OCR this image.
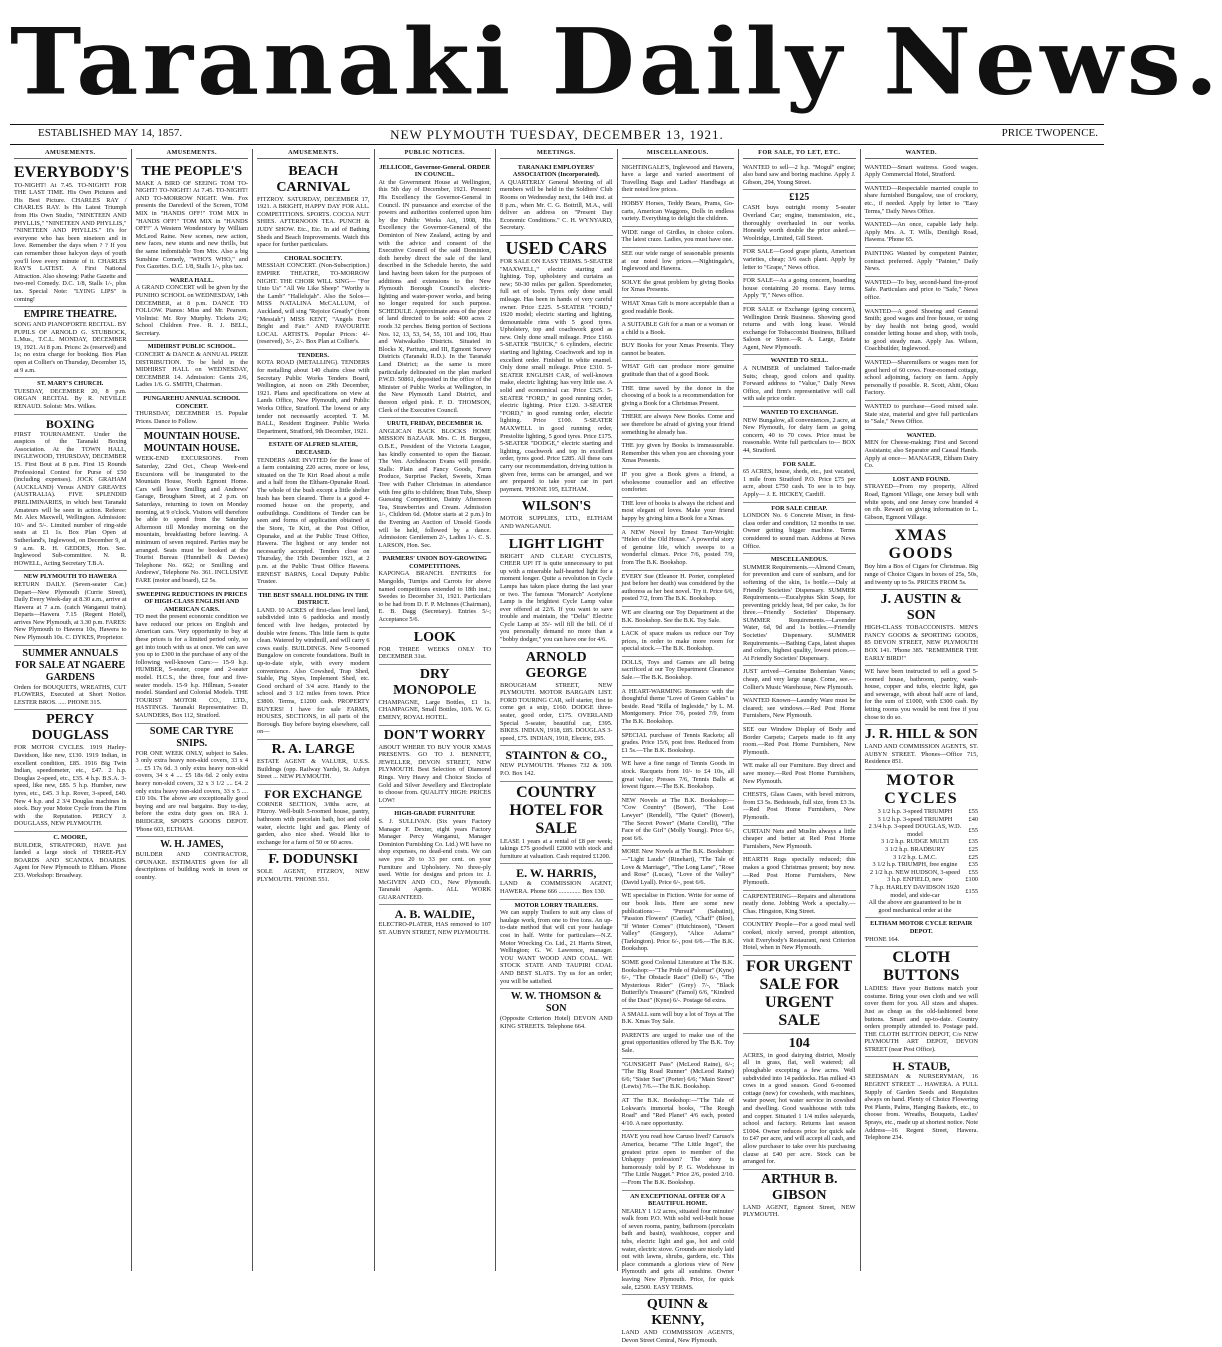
Taranaki Daily News.
ESTABLISHED MAY 14, 1857.	NEW PLYMOUTH TUESDAY, DECEMBER 13, 1921.	PRICE TWOPENCE.
AMUSEMENTS.
EVERYBODY'S
TO-NIGHT! At 7.45. TO-NIGHT! FOR THE LAST TIME. His Own Pictures and His Best Picture. CHARLES RAY / CHARLES RAY. Is His Latest Triumph from His Own Studio, "NINETEEN AND PHYLLIS," "NINETEEN AND PHYLLIS," "NINETEEN AND PHYLLIS." It's for everyone who has been nineteen and in love. Remember the days when ? ? If you can remember those halcyon days of youth you'll love every minute of it. CHARLES RAY'S LATEST. A First National Attraction. Also showing: Pathe Gazette and two-reel Comedy. D.C. 1/8, Stalls 1/-, plus tax. Special Note: "LYING LIPS" is coming!
EMPIRE THEATRE.
SONG AND PIANOFORTE RECITAL. BY PUPILS OF ARNOLD G. STUBBOCK, L.Mus., T.C.L. MONDAY, DECEMBER 19, 1921. At 8 p.m. Prices: 2s (reserved) and 1s; no extra charge for booking. Box Plan open at Collier's on Thursday, December 15, at 9 a.m.
ST. MARY'S CHURCH.
TUESDAY, DECEMBER 20, 8 p.m. ORGAN RECITAL By R. NEVILLE RENAUD. Soloist: Mrs. Wilkes.
BOXING
FIRST TOURNAMENT. Under the auspices of the Taranaki Boxing Association. At the TOWN HALL, INGLEWOOD, THURSDAY, DECEMBER 15. First Bout at 8 p.m. First 15 Rounds Professional Contest for Purse of £50 (including expenses). JOCK GRAHAM (AUCKLAND) Versus ANDY GREAVES (AUSTRALIA). FIVE SPLENDID PRELIMINARIES, in which best Taranaki Amateurs will be seen in action. Referee: Mr. Alex Maxwell, Wellington. Admission: 10/- and 5/-. Limited number of ring-side seats at £1 1s. Box Plan Open at Sutherland's, Inglewood, on December 9, at 9 a.m. R. H. GEDDES, Hon. Sec. Inglewood Sub-committee. N. R. HOWELL, Acting Secretary T.B.A.
NEW PLYMOUTH TO HAWERA
RETURN DAILY. (Seven-seater Car.) Depart—New Plymouth (Currie Street), Daily Every Week-day at 8.30 a.m., arrive at Hawera at 7 a.m. (catch Wanganui train). Departs—Hawera 7.15 (Regent Hotel), arrives New Plymouth, at 3.30 p.m. FARES: New Plymouth to Hawera 10s, Hawera to New Plymouth 10s. C. DYKES, Proprietor.
SUMMER ANNUALS FOR SALE AT NGAERE GARDENS
Orders for BOUQUETS, WREATHS, CUT FLOWERS, Executed at Short Notice. LESTER BROS. ..... PHONE 315.
PERCY DOUGLASS
FOR MOTOR CYCLES. 1919 Harley-Davidson, like new, £130. 1919 Indian, in excellent condition, £85. 1916 Big Twin Indian, speedometer, etc., £47. 2 h.p. Douglas 2-speed, etc., £35. 4 h.p. B.S.A. 3-speed, like new, £85. 5 h.p. Humber, new tyres, etc., £45. 3 h.p. Rover, 3-speed, £40. New 4 h.p. and 2 3/4 Douglas machines in stock. Buy your Motor Cycle from the Firm with the Reputation. PERCY J. DOUGLASS, NEW PLYMOUTH.
C. MOORE,
BUILDER, STRATFORD, HAVE just landed a large stock of THREE-PLY BOARDS AND SCANDIA BOARDS. Agent for New Plymouth to Eltham. Phone 233. Workshop: Broadway.
AMUSEMENTS.
THE PEOPLE'S
MAKE A BIRD OF SEEING TOM TO-NIGHT! TO-NIGHT! At 7.45. TO-NIGHT! AND TO-MORROW NIGHT. Wm. Fox presents the Daredevil of the Screen, TOM MIX in "HANDS OFF!" TOM MIX in "HANDS OFF!" TOM MIX in "HANDS OFF!" A Western Wonderstory by William McLeod Raine. New scenes, new action, new faces, new stunts and new thrills, but the same indomitable Tom Mix. Also a big Sunshine Comedy, "WHO'S WHO," and Fox Gazettes. D.C. 1/8, Stalls 1/-, plus tax.
WAREA HALL.
A GRAND CONCERT will be given by the PUNIHO SCHOOL on WEDNESDAY, 14th DECEMBER, at 8 p.m. DANCE TO FOLLOW. Pianos: Miss and Mr. Pearson. Violinist: Mr. Roy Murphy. Tickets 2/6; School Children Free. R. J. BELL, Secretary.
MIDHIRST PUBLIC SCHOOL.
CONCERT & DANCE & ANNUAL PRIZE DISTRIBUTION. To be held in the MIDHIRST HALL on WEDNESDAY, DECEMBER 14. Admission: Gents 2/6, Ladies 1/6. G. SMITH, Chairman.
PUNGAREHU ANNUAL SCHOOL CONCERT.
THURSDAY, DECEMBER 15. Popular Prices. Dance to Follow.
MOUNTAIN HOUSE. MOUNTAIN HOUSE.
WEEK-END EXCURSIONS. From Saturday, 22nd Oct., Cheap Week-end Excursions will be inaugurated to the Mountain House, North Egmont Home. Cars will leave Smilling and Andrews' Garage, Brougham Street, at 2 p.m. on Saturdays, returning to town on Monday morning, at 9 o'clock. Visitors will therefore be able to spend from the Saturday Afternoon till Monday morning on the mountain, breakfasting before leaving. A minimum of seven required. Parties may be arranged. Seats must be booked at the Tourist Bureau (Hunnibell & Davies) Telephone No. 662; or Smilling and Andrews', Telephone No. 361. INCLUSIVE FARE (motor and board), £2 5s.
SWEEPING REDUCTIONS IN PRICES OF HIGH-CLASS ENGLISH AND AMERICAN CARS.
TO meet the present economic condition we have reduced our prices on English and American cars. Very opportunity to buy at these prices is for a limited period only, so get into touch with us at once. We can save you up to £300 in the purchase of any of the following well-known Cars:— 15-9 h.p. HUMBER, 5-seater, coupe and 2-seater model. H.C.S., the three, four and five-seater models. 15-9 h.p. Hillman, 5-seater model. Standard and Colonial Models. THE TOURIST MOTOR CO., LTD., HASTINGS. Taranaki Representative: D. SAUNDERS, Box 112, Stratford.
SOME CAR TYRE SNIPS.
FOR ONE WEEK ONLY, subject to Sales. 3 only extra heavy non-skid covers, 33 x 4 .... £5 17s 6d. 3 only extra heavy non-skid covers, 34 x 4 .... £5 18s 6d. 2 only extra heavy non-skid covers, 32 x 3 1/2 .... £4. 2 only extra heavy non-skid covers, 33 x 5 .... £10 10s. The above are exceptionally good buying and are real bargains. Buy to-day, before the extra duty goes on. IRA J. BRIDGER, SPORTS GOODS DEPOT. 'Phone 603, ELTHAM.
W. H. JAMES,
BUILDER AND CONTRACTOR, OPUNAKE. ESTIMATES given for all descriptions of building work in town or country.
AMUSEMENTS.
BEACH CARNIVAL
FITZROY. SATURDAY, DECEMBER 17, 1921. A BRIGHT, HAPPY DAY FOR ALL. COMPETITIONS. SPORTS. COCOA NUT SHIES. AFTERNOON TEA. PUNCH & JUDY SHOW. Etc., Etc. In aid of Bathing Sheds and Beach Improvements. Watch this space for further particulars.
CHORAL SOCIETY.
MESSIAH CONCERT. (Non-Subscription.) EMPIRE THEATRE, TO-MORROW NIGHT. THE CHOIR WILL SING— "For Unto Us" "All We Like Sheep" "Worthy is the Lamb" "Hallelujah". Also the Solos— MISS NATALINA McCALLUM, of Auckland, will sing "Rejoice Greatly" (from "Messiah") MISS KENT, "Angels Ever Bright and Fair." AND FAVOURITE LOCAL ARTISTS. Popular Prices: 4/- (reserved), 3/-, 2/-. Box Plan at Collier's.
TENDERS.
KOTA ROAD (METALLING). TENDERS for metalling about 140 chains close with Secretary Public Works Tenders Board, Wellington, at noon on 29th December, 1921. Plans and specifications on view at Lands Office, New Plymouth, and Public Works Office, Stratford. The lowest or any tender not necessarily accepted. T. M. BALL, Resident Engineer. Public Works Department, Stratford, 9th December, 1921.
ESTATE OF ALFRED SLATER, DECEASED.
TENDERS ARE INVITED for the lease of a farm containing 220 acres, more or less, situated on the Te Kiri Road about a mile and a half from the Eltham-Opunake Road. The whole of the bush except a little shelter bush has been cleared. There is a good 4-roomed house on the property, and outbuildings. Conditions of Tender can be seen and forms of application obtained at the Store, Te Kiri, at the Post Office, Opunake, and at the Public Trust Office, Hawera. The highest or any tender not necessarily accepted. Tenders close on Thursday, the 15th December 1921, at 2 p.m. at the Public Trust Office Hawera. ERNEST BARNS, Local Deputy Public Trustee.
THE BEST SMALL HOLDING IN THE DISTRICT.
LAND. 10 ACRES of first-class level land, subdivided into 6 paddocks and mostly fenced with live hedges, protected by double wire fences. This little farm is quite clean. Watered by windmill, and will carry 6 cows easily. BUILDINGS. New 5-roomed Bungalow on concrete foundations. Built in up-to-date style, with every modern convenience. Also Cowshed, Trap Shed, Stable, Pig Styes, Implement Shed, etc. Good orchard of 3/4 acre. Handy to the school and 3 1/2 miles from town. Price £3800. Terms, £1200 cash. PROPERTY BUYERS! I have for sale FARMS, HOUSES, SECTIONS, in all parts of the Borough. Buy before buying elsewhere, call on—
R. A. LARGE
ESTATE AGENT & VALUER, U.S.S. Buildings (opp. Railway Yards), St. Aubyn Street ... NEW PLYMOUTH.
FOR EXCHANGE
CORNER SECTION, 3/8ths acre, at Fitzroy. Well-built 5-roomed house, pantry, bathroom with porcelain bath, hot and cold water, electric light and gas. Plenty of garden, also nice shed. Would like to exchange for a farm of 50 or 60 acres.
F. DODUNSKI
SOLE AGENT, FITZROY, NEW PLYMOUTH. 'PHONE 551.
PUBLIC NOTICES.
JELLICOE, Governor-General. ORDER IN COUNCIL.
At the Government House at Wellington, this 5th day of December, 1921. Present: His Excellency the Governor-General in Council. IN pursuance and exercise of the powers and authorities conferred upon him by the Public Works Act, 1908, His Excellency the Governor-General of the Dominion of New Zealand, acting by and with the advice and consent of the Executive Council of the said Dominion, doth hereby direct the sale of the land described in the Schedule hereto, the said land having been taken for the purposes of additions and extensions to the New Plymouth Borough Council's electric-lighting and water-power works, and being no longer required for such purpose. SCHEDULE. Approximate area of the piece of land directed to be sold: 400 acres 2 roods 32 perches. Being portion of Sections Nos. 12, 13, 53, 54, 55, 101 and 106, Huu and Waiwakaiho Districts. Situated in Blocks X, Paritutu, and III, Egmont Survey Districts (Taranaki R.D.). In the Taranaki Land District; as the same is more particularly delineated on the plan marked P.W.D. 50861, deposited in the office of the Minister of Public Works at Wellington, in the New Plymouth Land District, and thereon edged pink. F. D. THOMSON, Clerk of the Executive Council.
URUTI, FRIDAY, DECEMBER 16.
ANGLICAN BACK BLOCKS HOME MISSION BAZAAR. Mrs. C. H. Burgess, O.B.E., President of the Victoria League, has kindly consented to open the Bazaar. The Ven. Archdeacon Evans will preside. Stalls: Plain and Fancy Goods, Farm Produce, Surprise Packet, Sweets, Xmas Tree with Father Christmas in attendance with free gifts to children; Bran Tubs, Sheep Guessing Competition, Dainty Afternoon Tea, Strawberries and Cream. Admission 1/-, Children 6d. (Motor starts at 2 p.m.) In the Evening an Auction of Unsold Goods will be held, followed by a dance. Admission: Gentlemen 2/-, Ladies 1/-. C. S. LARSON, Hon. Sec.
PARMERS' UNION BOY-GROWING COMPETITIONS.
KAPONGA BRANCH. ENTRIES for Mangolds, Turnips and Carrots for above named competitions extended to 18th inst.; Swedes to December 31, 1921. Particulars to be had from D. F. P. McInnes (Chairman), E. B. Dagg (Secretary). Entries 5/-; Acceptance 5/6.
LOOK
FOR THREE WEEKS ONLY TO DECEMBER 31st.
DRY MONOPOLE
CHAMPAGNE, Large Bottles, £1 1s. CHAMPAGNE, Small Bottles, 10/6. W. G. EMENY, ROYAL HOTEL.
DON'T WORRY
ABOUT WHERE TO BUY YOUR XMAS PRESENTS. GO TO J. BENNETT, JEWELLER, DEVON STREET, NEW PLYMOUTH. Best Selection of Diamond Rings. Very Heavy and Choice Stocks of Gold and Silver Jewellery and Electroplate to choose from. QUALITY HIGH: PRICES LOW!
HIGH-GRADE FURNITURE
S. J. SULLIVAN. (Six years Factory Manager F. Dexter, eight years Factory Manager Percy Wanganui, Manager Dominion Furnishing Co. Ltd.) WE have no shop expenses, no dead-end costs. We can save you 20 to 33 per cent. on your Furniture and Upholstery. No three-ply used. Write for designs and prices to: J. McGIVEN AND CO., New Plymouth. Taranaki Agents. ALL WORK GUARANTEED.
A. B. WALDIE,
ELECTRO-PLATER, HAS removed to 107 ST. AUBYN STREET, NEW PLYMOUTH.
MEETINGS.
TARANAKI EMPLOYERS' ASSOCIATION (Incorporated).
A QUARTERLY General Meeting of all members will be held in the Soldiers' Club Rooms on Wednesday next, the 14th inst. at 8 p.m., when Mr. C. G. Bottrill, M.A., will deliver an address on "Present Day Economic Conditions." C. H. WYNYARD, Secretary.
USED CARS
FOR SALE ON EASY TERMS. 5-SEATER "MAXWELL," electric starting and lighting. Top, upholstery and curtains as new; 50-30 miles per gallon. Speedometer, full set of tools. Tyres only done small mileage. Has been in hands of very careful owner. Price £225. 5-SEATER "FORD," 1920 model; electric starting and lighting, demountable rims with 5 good tyres. Upholstery, top and coachwork good as new. Only done small mileage. Price £160. 5-SEATER "BUICK," 6 cylinders, electric starting and lighting. Coachwork and top in excellent order. Finished in white enamel. Only done small mileage. Price £310. 5-SEATER ENGLISH CAR, of well-known make, electric lighting; has very little use. A solid and economical car. Price £325. 5-SEATER "FORD," in good running order, electric lighting. Price £120. 3-SEATER "FORD," in good running order, electric lighting. Price £100. 5-SEATER MAXWELL in good running order, Prestolite lighting, 5 good tyres. Price £175. 5-SEATER "DODGE," electric starting and lighting, coachwork and top in excellent order, tyres good. Price £285. All these cars carry our recommendation, driving tuition is given free, terms can be arranged, and we are prepared to take your car in part payment. 'PHONE 195, ELTHAM.
WILSON'S
MOTOR SUPPLIES, LTD., ELTHAM AND WANGANUI.
LIGHT LIGHT
BRIGHT AND CLEAR! CYCLISTS, CHEER UP! IT is quite unnecessary to put up with a miserable half-hearted light for a moment longer. Quite a revolution in Cycle Lamps has taken place during the last year or two. The famous "Monarch" Acetylene Lamp is the brightest Cycle Lamp value ever offered at 22/6. If you want to save trouble and maintain, the "Delta" Electric Cycle Lamp at 35/- will fill the bill. Of if you personally demand no more than a "bobby dodger," you can have one for 4/6.
ARNOLD GEORGE
BROUGHAM STREET, NEW PLYMOUTH. MOTOR BARGAIN LIST. FORD TOURING CAR, self starter, first to come get a snip, £160. DODGE three-seater, good order, £175. OVERLAND Special 5-seater, beautiful car, £395. BIKES. INDIAN, 1918, £85. DOUGLAS 3-speed, £75. INDIAN, 1918, Electric, £95.
STAINTON & CO.,
NEW PLYMOUTH. 'Phones 732 & 109. P.O. Box 142.
COUNTRY HOTEL FOR SALE
LEASE 1 years at a rental of £8 per week; takings £75 goodwill £2000 with stock and furniture at valuation. Cash required £1200.
E. W. HARRIS,
LAND & COMMISSION AGENT, HAWERA. Phone 666 .............. Box 130.
MOTOR LORRY TRAILERS.
We can supply Trailers to suit any class of haulage work, from one to five tons. An up-to-date method that will cut your haulage cost in half. Write for particulars—N.Z. Motor Wrecking Co. Ltd., 21 Harris Street, Wellington; G. W. Lawrence, manager. YOU WANT WOOD AND COAL. WE STOCK STATE AND TAUPIRI COAL AND BEST SLATS. Try us for an order; you will be satisfied.
W. W. THOMSON & SON
(Opposite Criterion Hotel) DEVON AND KING STREETS. Telephone 664.
MISCELLANEOUS.
NIGHTINGALE'S, Inglewood and Hawera, have a large and varied assortment of Travelling Bags and Ladies' Handbags at their noted low prices.
HOBBY Horses, Teddy Bears, Prams, Go-carts, American Waggons, Dolls in endless variety. Everything to delight the children.
WIDE range of Girdles, in choice colors. The latest craze. Ladies, you must have one.
SEE our wide range of seasonable presents at our noted low prices.—Nightingale's, Inglewood and Hawera.
SOLVE the great problem by giving Books for Xmas Presents.
WHAT Xmas Gift is more acceptable than a good readable Book.
A SUITABLE Gift for a man or a woman or a child is a Book.
BUY Books for your Xmas Presents. They cannot be beaten.
WHAT Gift can produce more genuine gratitude than that of a good Book.
THE time saved by the donor in the choosing of a book is a recommendation for giving a Book for a Christmas Present.
THERE are always New Books. Come and see therefore be afraid of giving your friend something he already has.
THE joy given by Books is immeasurable. Remember this when you are choosing your Xmas Presents.
IF you give a Book gives a friend, a wholesome counsellor and an effective comforter.
THE love of books is always the richest and most elegant of loves. Make your friend happy by giving him a Book for a Xmas.
A NEW Novel by Ernest Tarr-Wright: "Helen of the Old House." A powerful story of genuine life, which sweeps to a wonderful climax. Price 7/6, posted 7/9, from The B.K. Bookshop.
EVERY Sue (Eleanor H. Porter, completed just before her death) was considered by the authoress as her best novel. Try it. Price 6/6, posted 7/2, from The B.K. Bookshop.
WE are clearing our Toy Department at the B.K. Bookshop. See the B.K. Toy Sale.
LACK of space makes us reduce our Toy prices, in order to make more room for special stock.—The B.K. Bookshop.
DOLLS, Toys and Games are all being sacrificed at our Toy Department Clearance Sale.—The B.K. Bookshop.
A HEART-WARMING Romance with the thoughtful theme "Love of Green Gables" is beside. Read "Rilla of Ingleside," by L. M. Montgomery. Price 7/6, posted 7/9, from The B.K. Bookshop.
SPECIAL purchase of Tennis Rackets; all grades. Price 15/6, post free. Reduced from £1 5s.—The B.K. Bookshop.
WE have a fine range of Tennis Goods in stock. Racquets from 10/- to £4 10s, all great value; Presses 7/6, Tennis Balls at lowest figure.—The B.K. Bookshop.
NEW Novels at The B.K. Bookshop:— "Cow Country" (Bower), "The Lost Lawyer" (Rendell), "The Quiet" (Bower), "The Secret Power" (Marie Corelli), "The Face of the Girl" (Molly Young). Price 6/-, post 6/6.
MORE New Novels at The B.K. Bookshop:—"Light Lauds" (Rinehart), "The Tale of Love & Marriage", "The Long Lane", "Rose and Rose" (Lucas), "Love of the Valley" (David Lyall). Price 6/-, post 6/6.
WE specialise in Fiction. Write for some of our book lists. Here are some new publications:— "Pursuit" (Sabatini), "Passion Flowers" (Castle), "Chaff" (Bloe), "If Winter Comes" (Hutchinson), "Desert Valley" (Gregory), "Alice Adams" (Tarkington). Price 6/-, post 6/6.—The B.K. Bookshop.
SOME good Colonial Literature at The B.K. Bookshop:—"The Pride of Palomar" (Kyne) 6/-, "The Obstacle Race" (Dell) 6/-, "The Mysterious Rider" (Grey) 7/-, "Black Butterfly's Treasure" (Farnol) 6/6, "Kindred of the Dust" (Kyne) 6/-. Postage 6d extra.
A SMALL sum will buy a lot of Toys at The B.K. Xmas Toy Sale.
PARENTS are urged to make use of the great opportunities offered by The B.K. Toy Sale.
"GUNSIGHT Pass" (McLeod Raine), 6/-; "The Big Road Runner" (McLeod Raine) 6/6; "Sister Sue" (Porter) 6/6; "Main Street" (Lewis) 7/6.—The B.K. Bookshop.
AT The B.K. Bookshop:—"The Tale of Lokwan's immortal books, "The Rough Road" and "Red Planet" 4/6 each, posted 4/10. A rare opportunity.
HAVE you read how Caruso lived? Caruso's America, became "The Little Ingot", the greatest prize open to member of the Unhappy profession? The story is humorously told by P. G. Wodehouse in "The Little Nugget." Price 2/6, posted 2/10.—From The B.K. Bookshop.
AN EXCEPTIONAL OFFER OF A BEAUTIFUL HOME.
NEARLY 1 1/2 acres, situated four minutes' walk from P.O. With solid well-built house of seven rooms, pantry, bathroom (porcelain bath and basin), washhouse, copper and tubs, electric light and gas, hot and cold water, electric stove. Grounds are nicely laid out with lawns, shrubs, gardens, etc. This place commands a glorious view of New Plymouth and gets all sunshine. Owner leaving New Plymouth. Price, for quick sale, £2500. EASY TERMS.
QUINN & KENNY,
LAND AND COMMISSION AGENTS, Devon Street Central, New Plymouth.
FOR SALE, TO LET, ETC.
WANTED to sell—2 h.p. "Mogul" engine; also band saw and boring machine. Apply J. Gibson, 294, Young Street.
£125
CASH buys outright roomy 5-seater Overland Car; engine, transmission, etc., thoroughly overhauled in our works. Honestly worth double the price asked.—Woolridge, Limited, Gill Street.
FOR SALE—Good grape plants, American varieties, cheap; 3/6 each plant. Apply by letter to "Grape," News office.
FOR SALE—As a going concern, boarding house containing 20 rooms. Easy terms. Apply "F," News office.
FOR SALE or Exchange (going concern), Wellington Drink Business. Showing good returns and with long lease. Would exchange for Tobacconist Business, Billiard Saloon or Store.—R. A. Large, Estate Agent, New Plymouth.
WANTED TO SELL.
A NUMBER of unclaimed Tailor-made Suits; cheap, good colors and quality. Forward address to "Value," Daily News Office, and firm's representative will call with sale price order.
WANTED TO EXCHANGE.
NEW Bungalow, all conveniences, 2 acre, at New Plymouth, for dairy farm as going concern, 40 to 70 cows. Price must be reasonable. Write full particulars to— BOX 44, Stratford.
FOR SALE.
65 ACRES, house, sheds, etc., just vacated, 1 mile from Stratford P.O. Price £75 per acre, about £750 cash. To see is to buy. Apply— J. E. HICKEY, Cardiff.
FOR SALE CHEAP.
LONDON No. 6 Concrete Mixer, in first-class order and condition, 12 months in use. Owner getting bigger machine. Terms considered to sound man. Address at News Office.
MISCELLANEOUS.
SUMMER Requirements.—Almond Cream, for prevention and cure of sunburn, and for softening of the skin, 1s bottle.—Daly at Friendly Societies' Dispensary. SUMMER Requirements.—Eucalyptus Skin Soap, for preventing prickly heat, 9d per cake, 3s for three.—Friendly Societies' Dispensary. SUMMER Requirements.—Lavender Water, 6d, 9d and 1s bottles.—Friendly Societies' Dispensary. SUMMER Requirements.—Bathing Caps, latest shapes and colors, highest quality, lowest prices.—At Friendly Societies' Dispensary.
JUST arrived—Genuine Bohemian Vases; cheap, and very large range. Come, see.—Collier's Music Warehouse, New Plymouth.
WANTED Known—Laundry Ware must be cleared; see windows.—Red Post Home Furnishers, New Plymouth.
SEE our Window Display of Body and Border Carpets; Carpets made to fit any room.—Red Post Home Furnishers, New Plymouth.
WE make all our Furniture. Buy direct and save money.—Red Post Home Furnishers, New Plymouth.
CHESTS, Glass Cases, with bevel mirrors, from £3 5s. Bedsteads, full size, from £3 3s.—Red Post Home Furnishers, New Plymouth.
CURTAIN Nets and Muslin always a little cheaper and better at Red Post Home Furnishers, New Plymouth.
HEARTH Rugs specially reduced; this makes a good Christmas present; buy now.—Red Post Home Furnishers, New Plymouth.
CARPENTERING—Repairs and alterations neatly done. Jobbing Work a specialty.—Chas. Hingston, King Street.
COUNTRY People—For a good meal well cooked, nicely served, prompt attention, visit Everybody's Restaurant, next Criterion Hotel, when in New Plymouth.
FOR URGENT SALE FOR URGENT SALE
104
ACRES, in good dairying district, Mostly all in grass, flat, well watered; all ploughable excepting a few acres. Well subdivided into 14 paddocks. Has milked 43 cows in a good season. Good 6-roomed cottage (new) for cowsheds, with machines, water power, hot water service in cowshed and dwelling. Good washhouse with tubs and copper. Situated 1 1/4 miles saleyards, school and factory. Returns last season £1004. Owner reduces price for quick sale to £47 per acre, and will accept all cash, and allow purchaser to take over his purchasing clause at £40 per acre. Stock can be arranged for.
ARTHUR B. GIBSON
LAND AGENT, Egmont Street, NEW PLYMOUTH.
WANTED.
WANTED—Smart waitress. Good wages. Apply Commercial Hotel, Stratford.
WANTED—Respectable married couple to share furnished Bungalow, use of crockery, etc., if needed. Apply by letter to "Easy Terms," Daily News Office.
WANTED—An once, capable lady help. Apply Mrs. A. T. Wills, Deniligh Road, Hawera. 'Phone 65.
PAINTING Wanted by competent Painter, contract preferred. Apply "Painter," Daily News.
WANTED—To buy, second-hand fire-proof Safe. Particulars and price to "Safe," News office.
WANTED—A good Shoeing and General Smith; good wages and free house, or using by day health not being good, would consider letting house and shop, with tools, to good steady man. Apply Jas. Wilson, Coachbuilder, Inglewood.
WANTED—Sharemilkers or wages men for good herd of 60 cows. Four-roomed cottage, school adjoining, factory on farm. Apply personally if possible. R. Scott, Ahiti, Okau Factory.
WANTED to purchase—Good mixed sale. State size, material and give full particulars to "Sale," News Office.
WANTED.
MEN for Cheese-making; First and Second Assistants; also Separator and Casual Hands. Apply at once— MANAGER, Eltham Dairy Co.
LOST AND FOUND.
STRAYED—From my property, Alfred Road, Egmont Village, one Jersey bull with white spots, and one Jersey cow branded 4 on rib. Reward on giving information to L. Gibson, Egmont Village.
XMAS GOODS
Buy him a Box of Cigars for Christmas. Big range of Choice Cigars in boxes of 25s, 50s, and twenty up to 5s. PRICES FROM 5s.
J. AUSTIN & SON
HIGH-CLASS TOBACCONISTS. MEN'S FANCY GOODS & SPORTING GOODS, 85 DEVON STREET, NEW PLYMOUTH BOX 141. 'Phone 385. "REMEMBER THE EARLY BIRD!"
WE have been instructed to sell a good 5-roomed house, bathroom, pantry, wash-house, copper and tubs, electric light, gas and sewerage, with about half acre of land, for the sum of £1000, with £300 cash. By letting rooms you would be rent free if you chose to do so.
J. R. HILL & SON
LAND AND COMMISSION AGENTS, ST. AUBYN STREET. 'Phones—Office 715, Residence 851.
MOTOR CYCLES
3 1/2 h.p. 3-speed TRIUMPH	£55
3 1/2 h.p. 3-speed TRIUMPH	£40
2 3/4 h.p. 3-speed DOUGLAS, W.D. model	£55
3 1/2 h.p. RUDGE MULTI	£35
3 1/2 h.p. BRADBURY	£25
3 1/2 h.p. L.M.C.	£25
3 1/2 h.p. TRIUMPH, free engine	£35
2 1/2 h.p. NEW HUDSON, 3-speed	£55
3 h.p. ENFIELD, new	£100
7 h.p. HARLEY DAVIDSON 1920 model, and side-car	£155
All the above are guaranteed to be in good mechanical order at the	
ELTHAM MOTOR CYCLE REPAIR DEPOT.
'PHONE 164.
CLOTH BUTTONS
LADIES: Have your Buttons match your costume. Bring your own cloth and we will cover them for you. All sizes and shapes. Just as cheap as the old-fashioned bone buttons. Smart and up-to-date. Country orders promptly attended to. Postage paid. THE CLOTH BUTTON DEPOT, C/o NEW PLYMOUTH ART DEPOT, DEVON STREET (near Post Office).
H. STAUB,
SEEDSMAN & NURSERYMAN, 16 REGENT STREET ... HAWERA. A FULL Supply of Garden Seeds and Requisites always on hand. Plenty of Choice Flowering Pot Plants, Palms, Hanging Baskets, etc., to choose from. Wreaths, Bouquets, Ladies' Sprays, etc., made up at shortest notice. Note Address—16 Regent Street, Hawera. Telephone 234.
